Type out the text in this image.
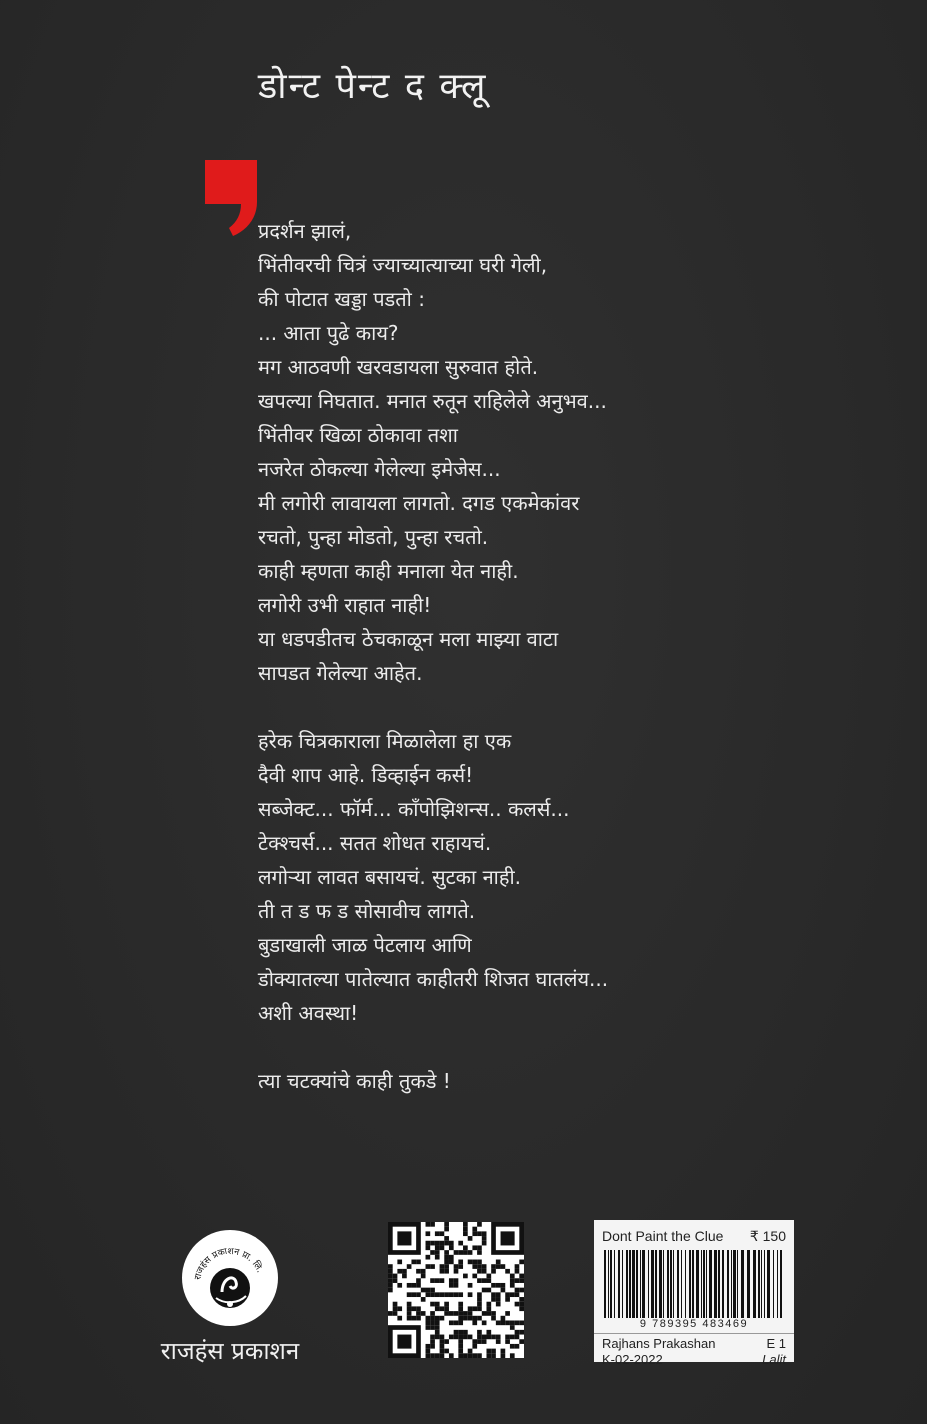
डोन्ट पेन्ट द क्लू

प्रदर्शन झालं,
भिंतीवरची चित्रं ज्याच्यात्याच्या घरी गेली,
की पोटात खड्डा पडतो :
... आता पुढे काय?
मग आठवणी खरवडायला सुरुवात होते.
खपल्या निघतात. मनात रुतून राहिलेले अनुभव...
भिंतीवर खिळा ठोकावा तशा
नजरेत ठोकल्या गेलेल्या इमेजेस...
मी लगोरी लावायला लागतो. दगड एकमेकांवर
रचतो, पुन्हा मोडतो, पुन्हा रचतो.
काही म्हणता काही मनाला येत नाही.
लगोरी उभी राहात नाही!
या धडपडीतच ठेचकाळून मला माझ्या वाटा
सापडत गेलेल्या आहेत.

हरेक चित्रकाराला मिळालेला हा एक
दैवी शाप आहे. डिव्हाईन कर्स!
सब्जेक्ट... फॉर्म... कॉंपोझिशन्स.. कलर्स...
टेक्श्चर्स... सतत शोधत राहायचं.
लगोऱ्या लावत बसायचं. सुटका नाही.
ती त ड फ ड सोसावीच लागते.
बुडाखाली जाळ पेटलाय आणि
डोक्यातल्या पातेल्यात काहीतरी शिजत घातलंय...
अशी अवस्था!

त्या चटक्यांचे काही तुकडे !

राजहंस प्रकाशन प्रा. लि.
राजहंस प्रकाशन
Dont Paint the Clue ₹ 150
9 789395 483469
Rajhans Prakashan	E 1
K-02-2022	Lalit
